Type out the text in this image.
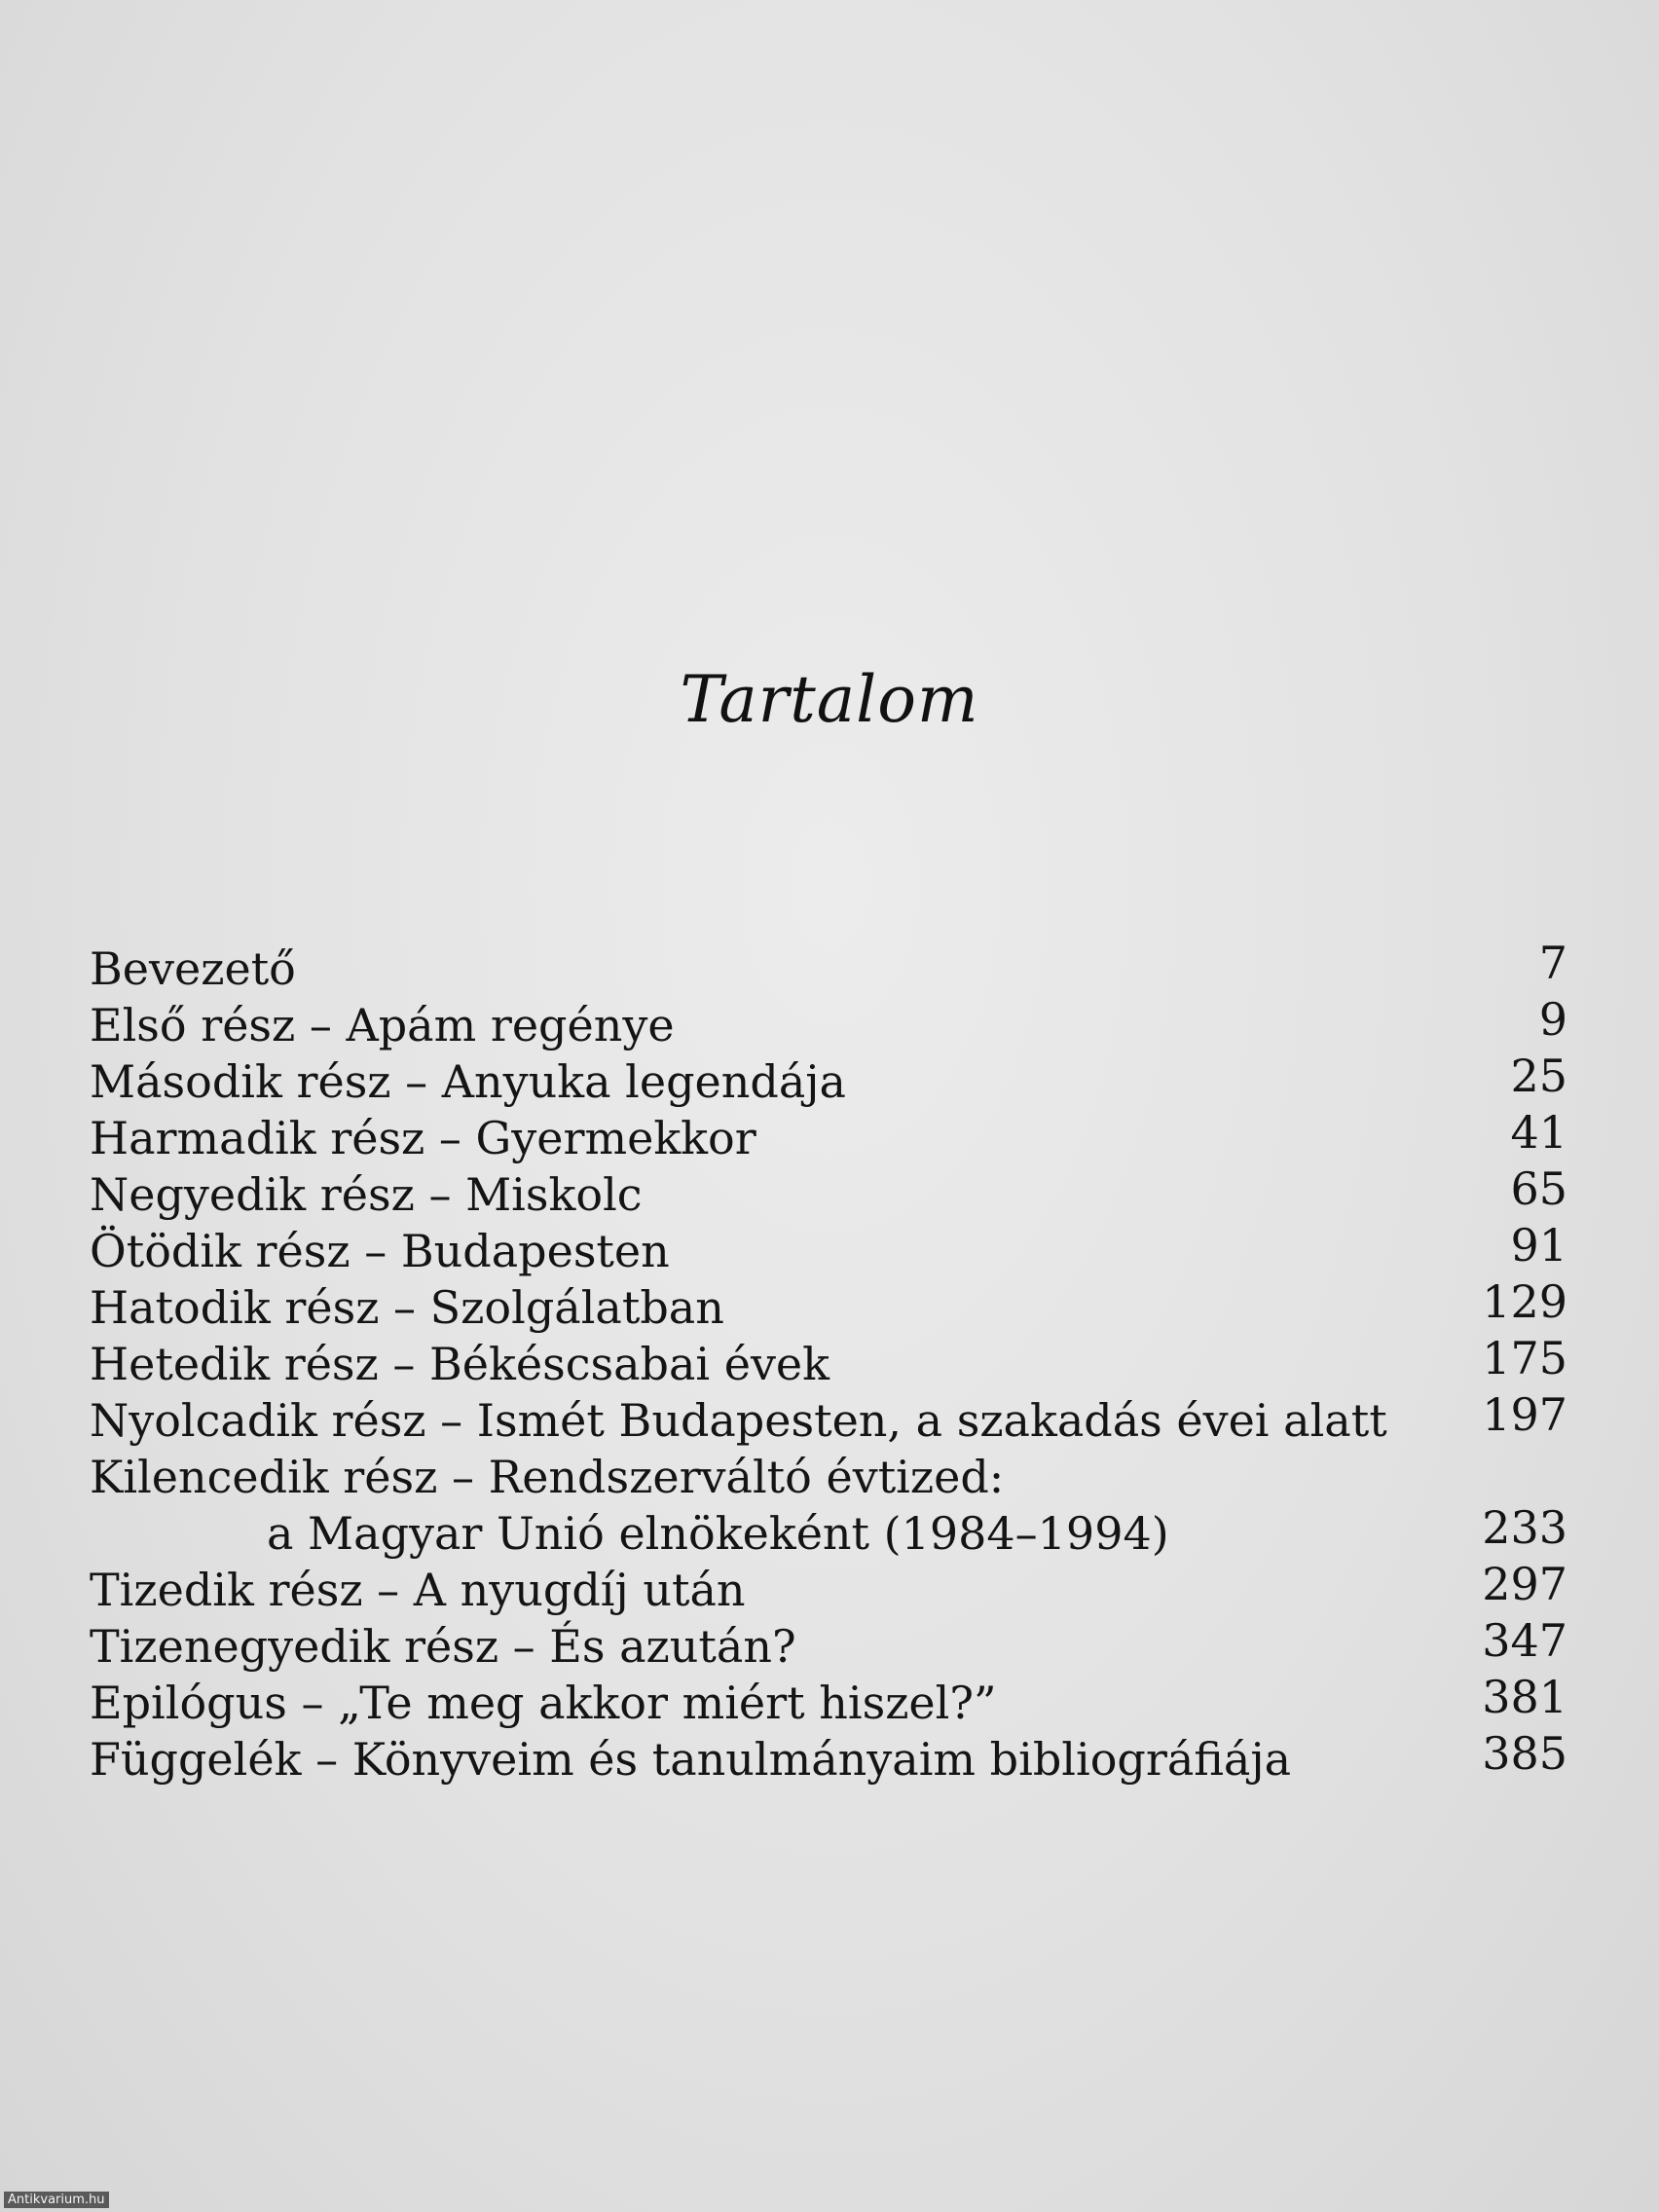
Tartalom
Bevezető	7
Első rész – Apám regénye	9
Második rész – Anyuka legendája	25
Harmadik rész – Gyermekkor	41
Negyedik rész – Miskolc	65
Ötödik rész – Budapesten	91
Hatodik rész – Szolgálatban	129
Hetedik rész – Békéscsabai évek	175
Nyolcadik rész – Ismét Budapesten, a szakadás évei alatt 197
Kilencedik rész – Rendszerváltó évtized:
a Magyar Unió elnökeként (1984–1994)	233
Tizedik rész – A nyugdíj után	297
Tizenegyedik rész – És azután?	347
Epilógus – „Te meg akkor miért hiszel?”	381
Függelék – Könyveim és tanulmányaim bibliográfiája	385
Antikvarium.hu
